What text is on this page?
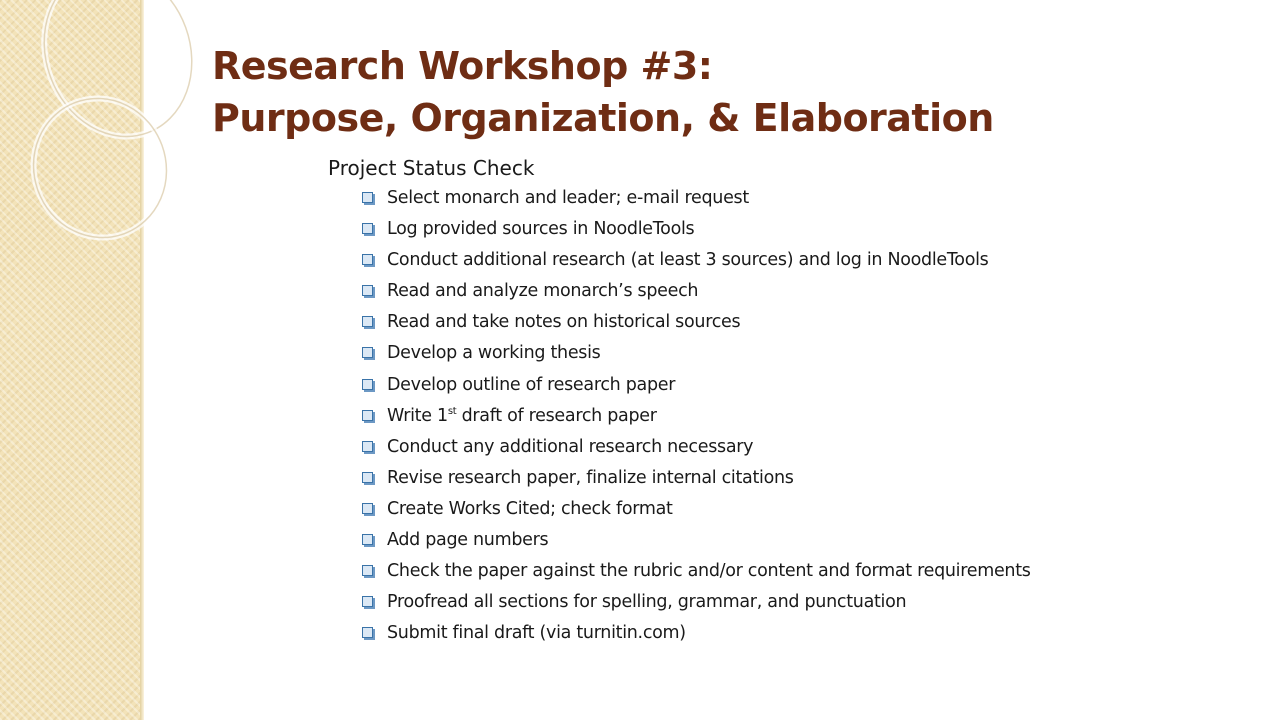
Research Workshop #3:
Purpose, Organization, & Elaboration

Project Status Check

Select monarch and leader; e-mail request
Log provided sources in NoodleTools
Conduct additional research (at least 3 sources) and log in NoodleTools
Read and analyze monarch’s speech
Read and take notes on historical sources
Develop a working thesis
Develop outline of research paper
Write 1st draft of research paper
Conduct any additional research necessary
Revise research paper, finalize internal citations
Create Works Cited; check format
Add page numbers
Check the paper against the rubric and/or content and format requirements
Proofread all sections for spelling, grammar, and punctuation
Submit final draft (via turnitin.com)
